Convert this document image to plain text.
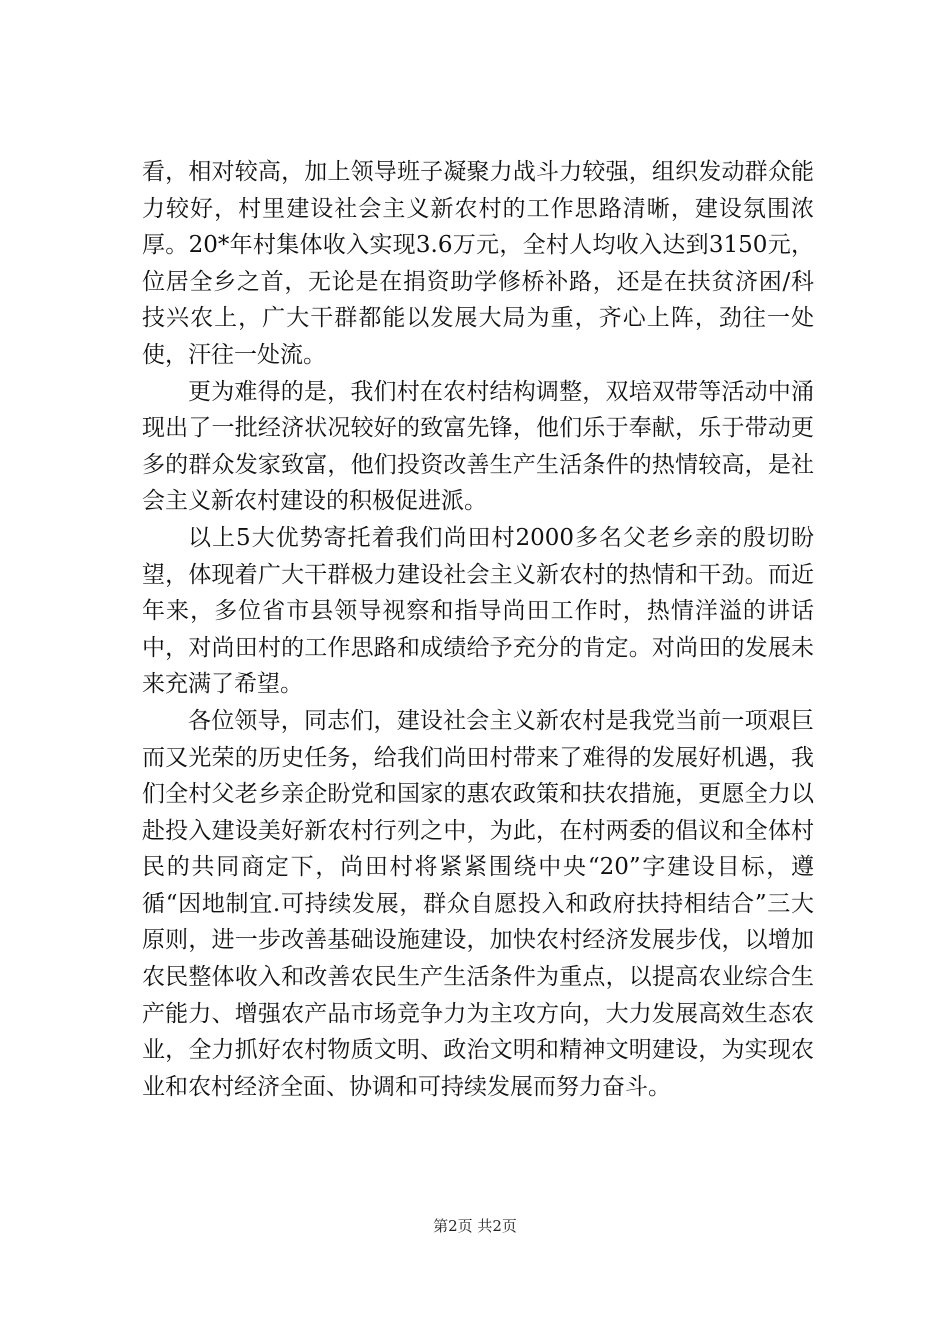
看，相对较高，加上领导班子凝聚力战斗力较强，组织发动群众能力较好，村里建设社会主义新农村的工作思路清晰，建设氛围浓厚。20*年村集体收入实现3.6万元，全村人均收入达到3150元，位居全乡之首，无论是在捐资助学修桥补路，还是在扶贫济困/科技兴农上，广大干群都能以发展大局为重，齐心上阵，劲往一处使，汗往一处流。

更为难得的是，我们村在农村结构调整，双培双带等活动中涌现出了一批经济状况较好的致富先锋，他们乐于奉献，乐于带动更多的群众发家致富，他们投资改善生产生活条件的热情较高，是社会主义新农村建设的积极促进派。

以上5大优势寄托着我们尚田村2000多名父老乡亲的殷切盼望，体现着广大干群极力建设社会主义新农村的热情和干劲。而近年来，多位省市县领导视察和指导尚田工作时，热情洋溢的讲话中，对尚田村的工作思路和成绩给予充分的肯定。对尚田的发展未来充满了希望。

各位领导，同志们，建设社会主义新农村是我党当前一项艰巨而又光荣的历史任务，给我们尚田村带来了难得的发展好机遇，我们全村父老乡亲企盼党和国家的惠农政策和扶农措施，更愿全力以赴投入建设美好新农村行列之中，为此，在村两委的倡议和全体村民的共同商定下，尚田村将紧紧围绕中央“20”字建设目标，遵循“因地制宜.可持续发展，群众自愿投入和政府扶持相结合”三大原则，进一步改善基础设施建设，加快农村经济发展步伐，以增加农民整体收入和改善农民生产生活条件为重点，以提高农业综合生产能力、增强农产品市场竞争力为主攻方向，大力发展高效生态农业，全力抓好农村物质文明、政治文明和精神文明建设，为实现农业和农村经济全面、协调和可持续发展而努力奋斗。

第2页 共2页
